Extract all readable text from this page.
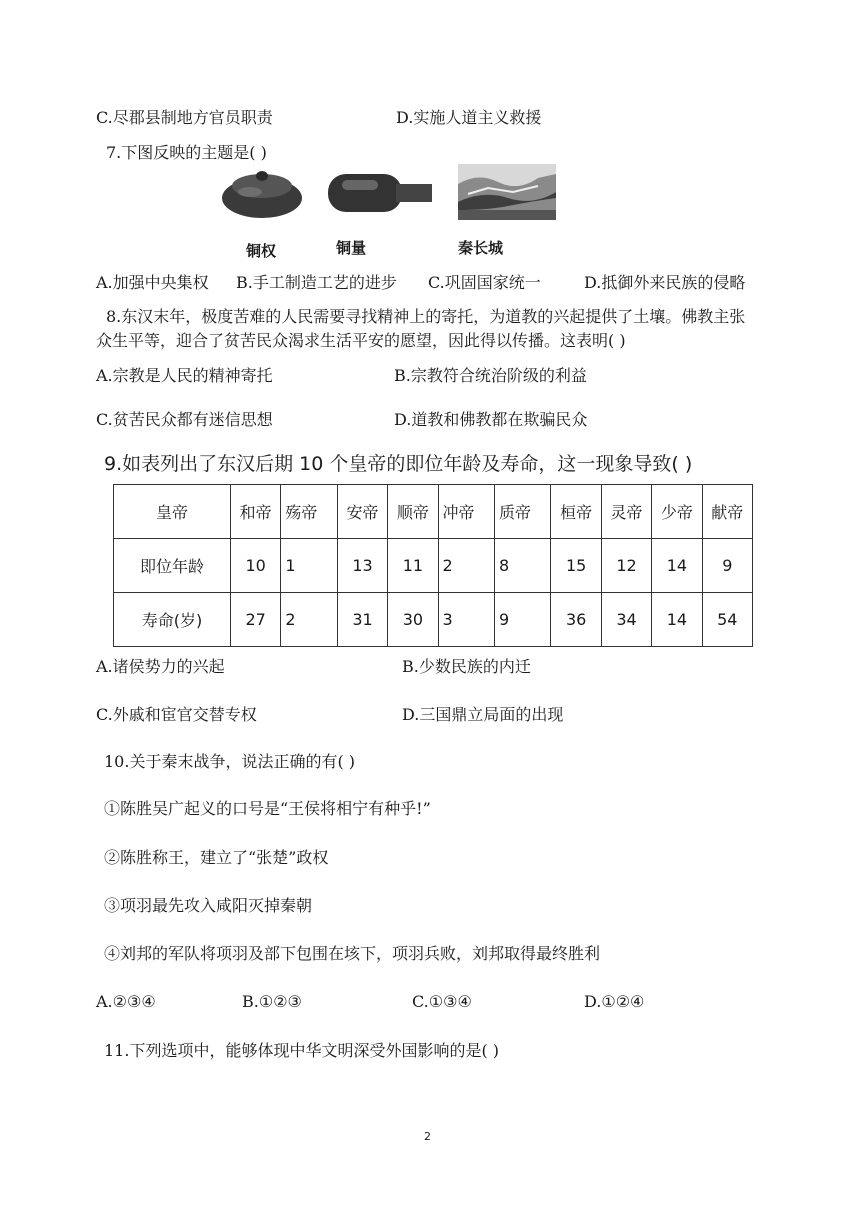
C.尽郡县制地方官员职责	D.实施人道主义救援
7.下图反映的主题是( )
铜权	铜量	秦长城
A.加强中央集权 B.手工制造工艺的进步 C.巩固国家统一	D.抵御外来民族的侵略
8.东汉末年，极度苦难的人民需要寻找精神上的寄托，为道教的兴起提供了土壤。佛教主张
众生平等，迎合了贫苦民众渴求生活平安的愿望，因此得以传播。这表明( )
A.宗教是人民的精神寄托	B.宗教符合统治阶级的利益
C.贫苦民众都有迷信思想	D.道教和佛教都在欺骗民众
9.如表列出了东汉后期 10 个皇帝的即位年龄及寿命，这一现象导致( )
皇帝	和帝	殇帝	安帝	顺帝	冲帝	质帝	桓帝	灵帝	少帝	献帝
即位年龄	10	1	13	11	2	8	15	12	14	9
寿命(岁)	27	2	31	30	3	9	36	34	14	54
A.诸侯势力的兴起	B.少数民族的内迁
C.外戚和宦官交替专权	D.三国鼎立局面的出现
10.关于秦末战争，说法正确的有( )
①陈胜吴广起义的口号是“王侯将相宁有种乎!”
②陈胜称王，建立了“张楚”政权
③项羽最先攻入咸阳灭掉秦朝
④刘邦的军队将项羽及部下包围在垓下，项羽兵败，刘邦取得最终胜利
A.②③④	B.①②③	C.①③④	D.①②④
11.下列选项中，能够体现中华文明深受外国影响的是( )
2
